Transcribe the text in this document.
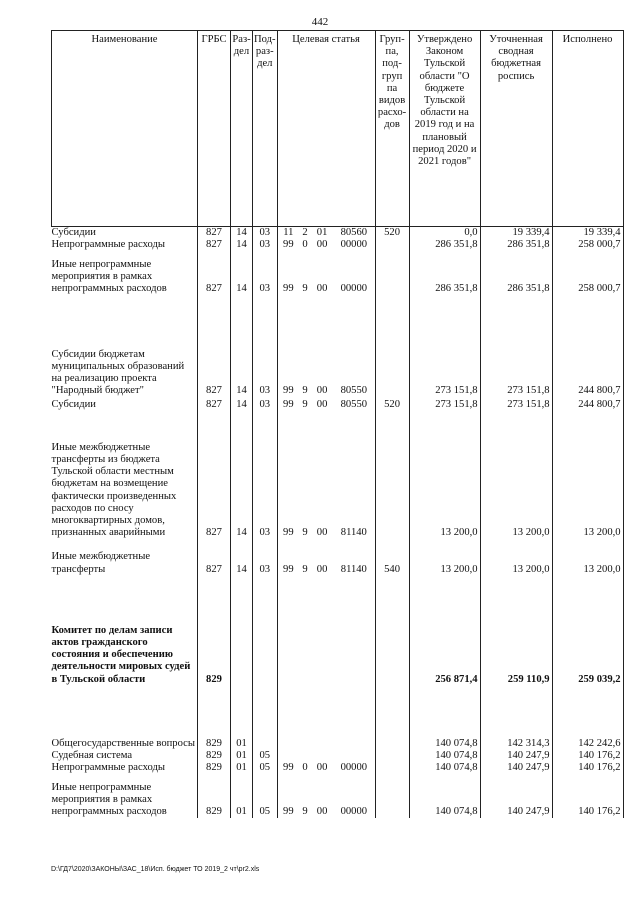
442
Наименование	ГРБС	Раз-дел	Под-раз-дел	Целевая статья				Груп-па, под-груп па видов расхо-дов	Утверждено Законом Тульской области "О бюджете Тульской области на 2019 год и на плановый период 2020 и 2021 годов"	Уточненная сводная бюджетная роспись	Исполнено
Субсидии	827	14	03	11	2	01	80560	520	0,0	19 339,4	19 339,4
Непрограммные расходы	827	14	03	99	0	00	00000		286 351,8	286 351,8	258 000,7
Иные непрограммные мероприятия в рамках непрограммных расходов	827	14	03	99	9	00	00000		286 351,8	286 351,8	258 000,7

Субсидии бюджетам муниципальных образований на реализацию проекта "Народный бюджет"	827	14	03	99	9	00	80550		273 151,8	273 151,8	244 800,7
Субсидии	827	14	03	99	9	00	80550	520	273 151,8	273 151,8	244 800,7
Иные межбюджетные трансферты из бюджета Тульской области местным бюджетам на возмещение фактически произведенных расходов по сносу многоквартирных домов, признанных аварийными	827	14	03	99	9	00	81140		13 200,0	13 200,0	13 200,0

Иные межбюджетные трансферты	827	14	03	99	9	00	81140	540	13 200,0	13 200,0	13 200,0
Комитет по делам записи актов гражданского состояния и обеспечению деятельности мировых судей в Тульской области	829								256 871,4	259 110,9	259 039,2

Общегосударственные вопросы	829	01							140 074,8	142 314,3	142 242,6
Судебная система	829	01	05						140 074,8	140 247,9	140 176,2
Непрограммные расходы	829	01	05	99	0	00	00000		140 074,8	140 247,9	140 176,2
Иные непрограммные мероприятия в рамках непрограммных расходов	829	01	05	99	9	00	00000		140 074,8	140 247,9	140 176,2
D:\ГД7\2020\ЗАКОНЫ\ЗАС_18\Исп. бюджет ТО 2019_2 чт\pr2.xls
